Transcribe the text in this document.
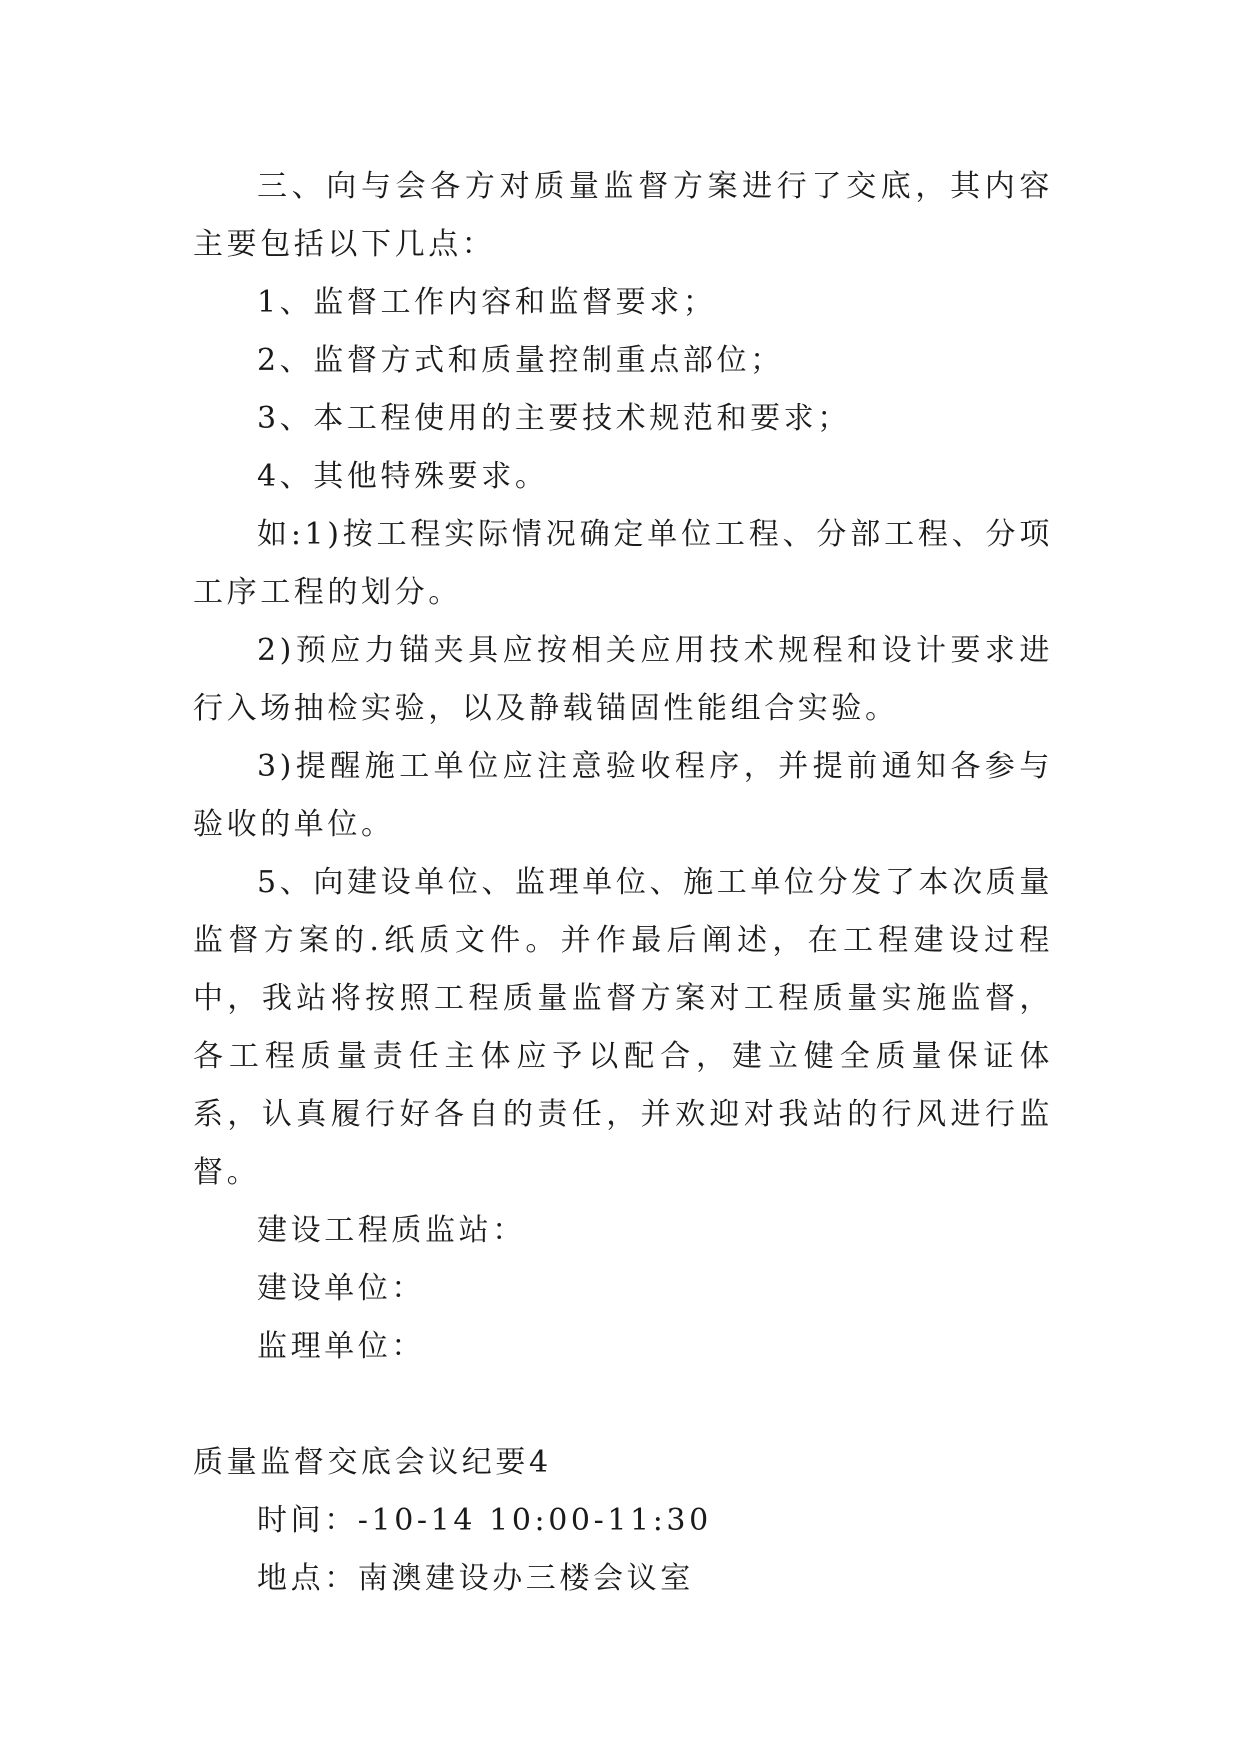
三、向与会各方对质量监督方案进行了交底，其内容主要包括以下几点：

1、监督工作内容和监督要求；

2、监督方式和质量控制重点部位；

3、本工程使用的主要技术规范和要求；

4、其他特殊要求。

如:1)按工程实际情况确定单位工程、分部工程、分项工序工程的划分。

2)预应力锚夹具应按相关应用技术规程和设计要求进行入场抽检实验，以及静载锚固性能组合实验。

3)提醒施工单位应注意验收程序，并提前通知各参与验收的单位。

5、向建设单位、监理单位、施工单位分发了本次质量监督方案的.纸质文件。并作最后阐述，在工程建设过程中，我站将按照工程质量监督方案对工程质量实施监督，各工程质量责任主体应予以配合，建立健全质量保证体系，认真履行好各自的责任，并欢迎对我站的行风进行监督。

建设工程质监站：

建设单位：

监理单位：

质量监督交底会议纪要4

时间：-10-14 10:00-11:30

地点：南澳建设办三楼会议室
